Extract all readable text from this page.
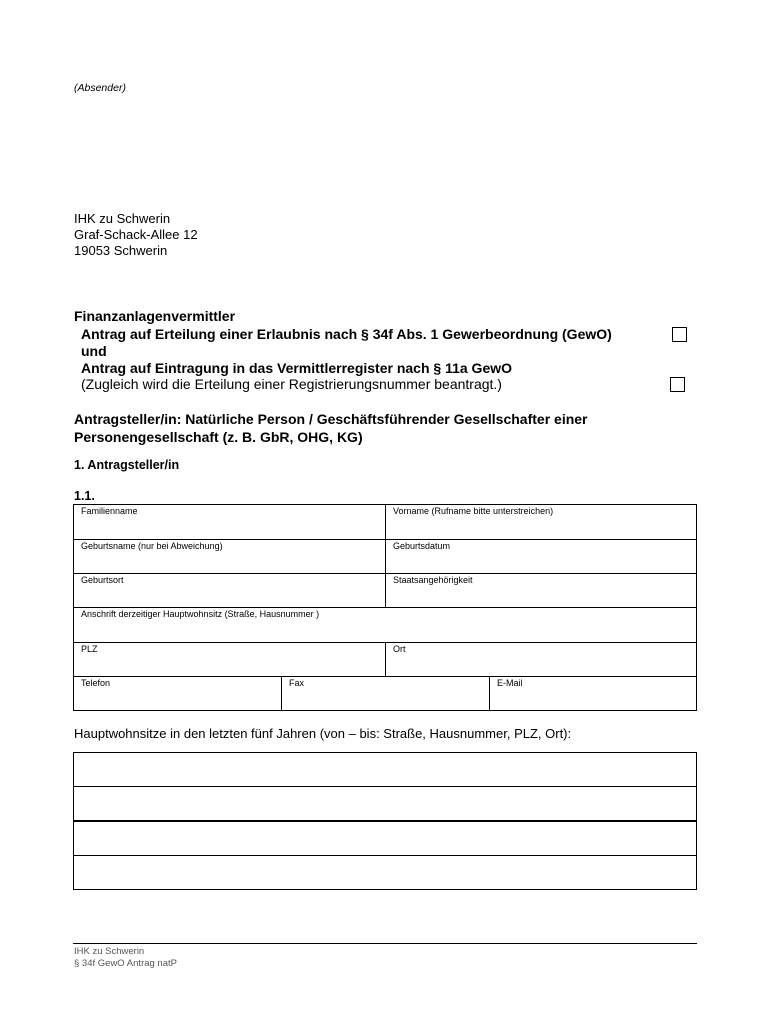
(Absender)
IHK zu Schwerin
Graf-Schack-Allee 12
19053 Schwerin
Finanzanlagenvermittler
Antrag auf Erteilung einer Erlaubnis nach § 34f Abs. 1 Gewerbeordnung (GewO)
und
Antrag auf Eintragung in das Vermittlerregister nach § 11a GewO
(Zugleich wird die Erteilung einer Registrierungsnummer beantragt.)
Antragsteller/in: Natürliche Person / Geschäftsführender Gesellschafter einer Personengesellschaft (z. B. GbR, OHG, KG)
1. Antragsteller/in
1.1.
Familienname	Vorname (Rufname bitte unterstreichen)
Geburtsname (nur bei Abweichung)	Geburtsdatum
Geburtsort	Staatsangehörigkeit
Anschrift derzeitiger Hauptwohnsitz (Straße, Hausnummer )
PLZ	Ort
Telefon	Fax	E-Mail
Hauptwohnsitze in den letzten fünf Jahren (von – bis: Straße, Hausnummer, PLZ, Ort):
IHK zu Schwerin
§ 34f GewO Antrag natP
